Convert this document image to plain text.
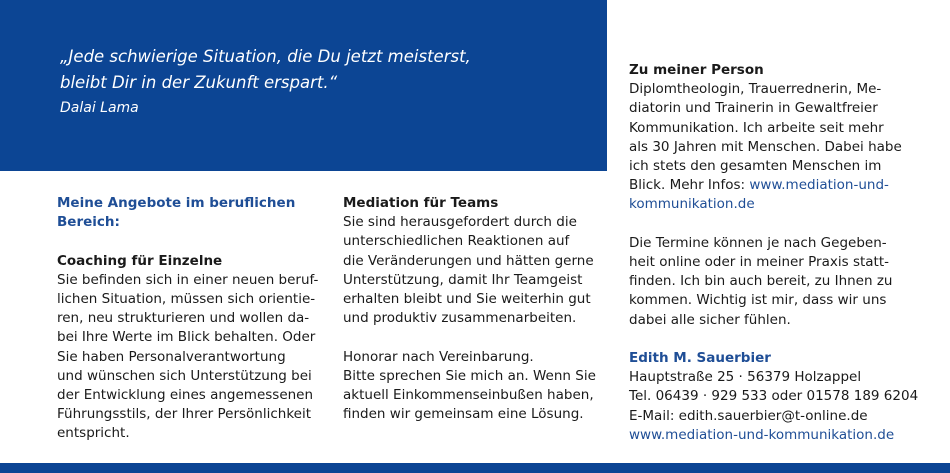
„Jede schwierige Situation, die Du jetzt meisterst,
bleibt Dir in der Zukunft erspart.“
Dalai Lama

Meine Angebote im beruflichen
Bereich:

Coaching für Einzelne

Sie befinden sich in einer neuen beruf-
lichen Situation, müssen sich orientie-
ren, neu strukturieren und wollen da-
bei Ihre Werte im Blick behalten. Oder
Sie haben Personalverantwortung
und wünschen sich Unterstützung bei
der Entwicklung eines angemessenen
Führungsstils, der Ihrer Persönlichkeit
entspricht.

Mediation für Teams

Sie sind herausgefordert durch die
unterschiedlichen Reaktionen auf
die Veränderungen und hätten gerne
Unterstützung, damit Ihr Teamgeist
erhalten bleibt und Sie weiterhin gut
und produktiv zusammenarbeiten.

Honorar nach Vereinbarung.
Bitte sprechen Sie mich an. Wenn Sie
aktuell Einkommenseinbußen haben,
finden wir gemeinsam eine Lösung.

Zu meiner Person

Diplomtheologin, Trauerrednerin, Me-
diatorin und Trainerin in Gewaltfreier
Kommunikation. Ich arbeite seit mehr
als 30 Jahren mit Menschen. Dabei habe
ich stets den gesamten Menschen im
Blick. Mehr Infos: www.mediation-und-
kommunikation.de

Die Termine können je nach Gegeben-
heit online oder in meiner Praxis statt-
finden. Ich bin auch bereit, zu Ihnen zu
kommen. Wichtig ist mir, dass wir uns
dabei alle sicher fühlen.

Edith M. Sauerbier

Hauptstraße 25 · 56379 Holzappel
Tel. 06439 · 929 533 oder 01578 189 6204
E-Mail: edith.sauerbier@t-online.de
www.mediation-und-kommunikation.de
